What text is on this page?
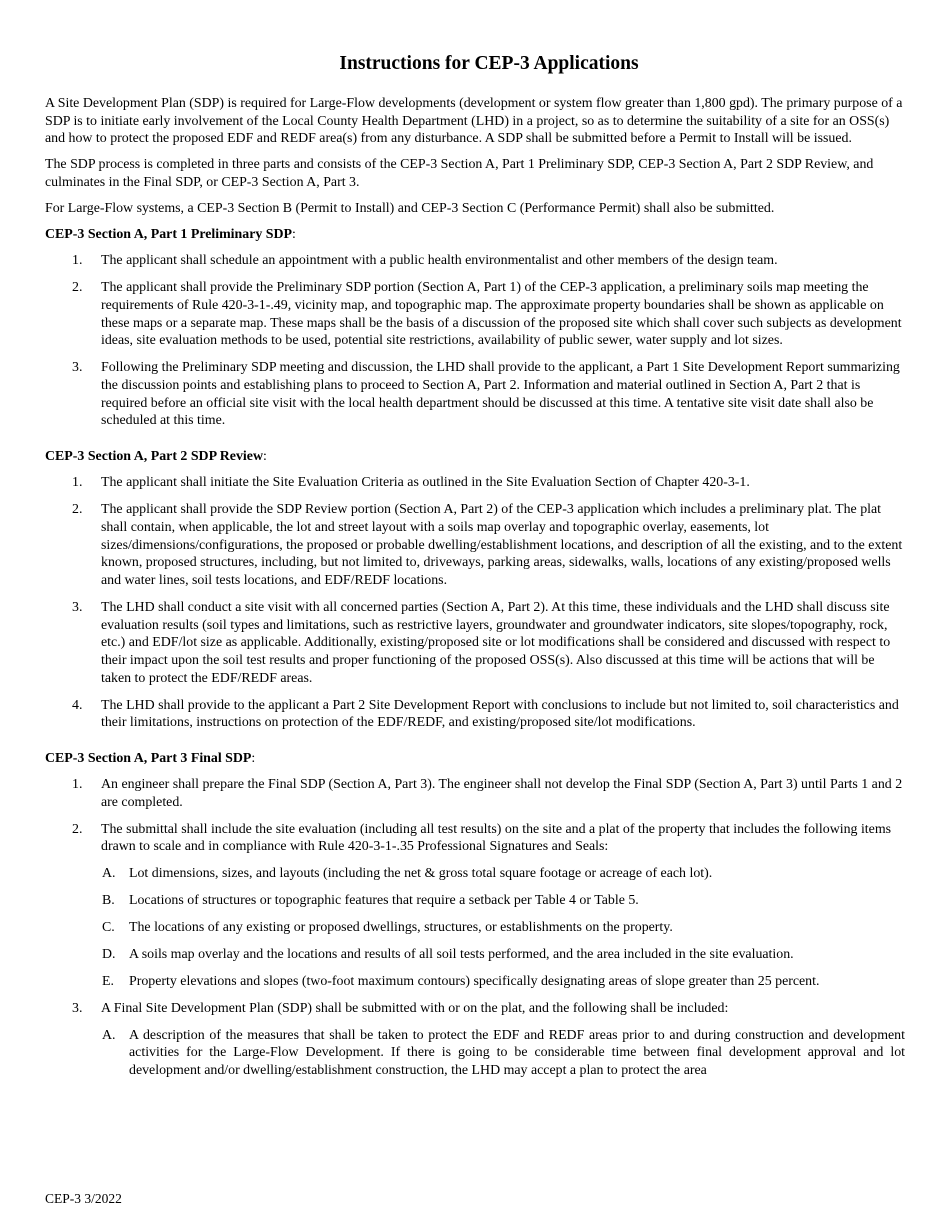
Instructions for CEP-3 Applications

A Site Development Plan (SDP) is required for Large-Flow developments (development or system flow greater than 1,800 gpd). The primary purpose of a SDP is to initiate early involvement of the Local County Health Department (LHD) in a project, so as to determine the suitability of a site for an OSS(s) and how to protect the proposed EDF and REDF area(s) from any disturbance. A SDP shall be submitted before a Permit to Install will be issued.

The SDP process is completed in three parts and consists of the CEP-3 Section A, Part 1 Preliminary SDP, CEP-3 Section A, Part 2 SDP Review, and culminates in the Final SDP, or CEP-3 Section A, Part 3.

For Large-Flow systems, a CEP-3 Section B (Permit to Install) and CEP-3 Section C (Performance Permit) shall also be submitted.

CEP-3 Section A, Part 1 Preliminary SDP:
1. The applicant shall schedule an appointment with a public health environmentalist and other members of the design team.
2. The applicant shall provide the Preliminary SDP portion (Section A, Part 1) of the CEP-3 application, a preliminary soils map meeting the requirements of Rule 420-3-1-.49, vicinity map, and topographic map. The approximate property boundaries shall be shown as applicable on these maps or a separate map. These maps shall be the basis of a discussion of the proposed site which shall cover such subjects as development ideas, site evaluation methods to be used, potential site restrictions, availability of public sewer, water supply and lot sizes.
3. Following the Preliminary SDP meeting and discussion, the LHD shall provide to the applicant, a Part 1 Site Development Report summarizing the discussion points and establishing plans to proceed to Section A, Part 2. Information and material outlined in Section A, Part 2 that is required before an official site visit with the local health department should be discussed at this time. A tentative site visit date shall also be scheduled at this time.
CEP-3 Section A, Part 2 SDP Review:
1. The applicant shall initiate the Site Evaluation Criteria as outlined in the Site Evaluation Section of Chapter 420-3-1.
2. The applicant shall provide the SDP Review portion (Section A, Part 2) of the CEP-3 application which includes a preliminary plat. The plat shall contain, when applicable, the lot and street layout with a soils map overlay and topographic overlay, easements, lot sizes/dimensions/configurations, the proposed or probable dwelling/establishment locations, and description of all the existing, and to the extent known, proposed structures, including, but not limited to, driveways, parking areas, sidewalks, walls, locations of any existing/proposed wells and water lines, soil tests locations, and EDF/REDF locations.
3. The LHD shall conduct a site visit with all concerned parties (Section A, Part 2). At this time, these individuals and the LHD shall discuss site evaluation results (soil types and limitations, such as restrictive layers, groundwater and groundwater indicators, site slopes/topography, rock, etc.) and EDF/lot size as applicable. Additionally, existing/proposed site or lot modifications shall be considered and discussed with respect to their impact upon the soil test results and proper functioning of the proposed OSS(s). Also discussed at this time will be actions that will be taken to protect the EDF/REDF areas.
4. The LHD shall provide to the applicant a Part 2 Site Development Report with conclusions to include but not limited to, soil characteristics and their limitations, instructions on protection of the EDF/REDF, and existing/proposed site/lot modifications.
CEP-3 Section A, Part 3 Final SDP:
1. An engineer shall prepare the Final SDP (Section A, Part 3). The engineer shall not develop the Final SDP (Section A, Part 3) until Parts 1 and 2 are completed.
2. The submittal shall include the site evaluation (including all test results) on the site and a plat of the property that includes the following items drawn to scale and in compliance with Rule 420-3-1-.35 Professional Signatures and Seals:
A. Lot dimensions, sizes, and layouts (including the net & gross total square footage or acreage of each lot).
B. Locations of structures or topographic features that require a setback per Table 4 or Table 5.
C. The locations of any existing or proposed dwellings, structures, or establishments on the property.
D. A soils map overlay and the locations and results of all soil tests performed, and the area included in the site evaluation.
E. Property elevations and slopes (two-foot maximum contours) specifically designating areas of slope greater than 25 percent.
3. A Final Site Development Plan (SDP) shall be submitted with or on the plat, and the following shall be included:
A. A description of the measures that shall be taken to protect the EDF and REDF areas prior to and during construction and development activities for the Large-Flow Development. If there is going to be considerable time between final development approval and lot development and/or dwelling/establishment construction, the LHD may accept a plan to protect the area
CEP-3 3/2022
